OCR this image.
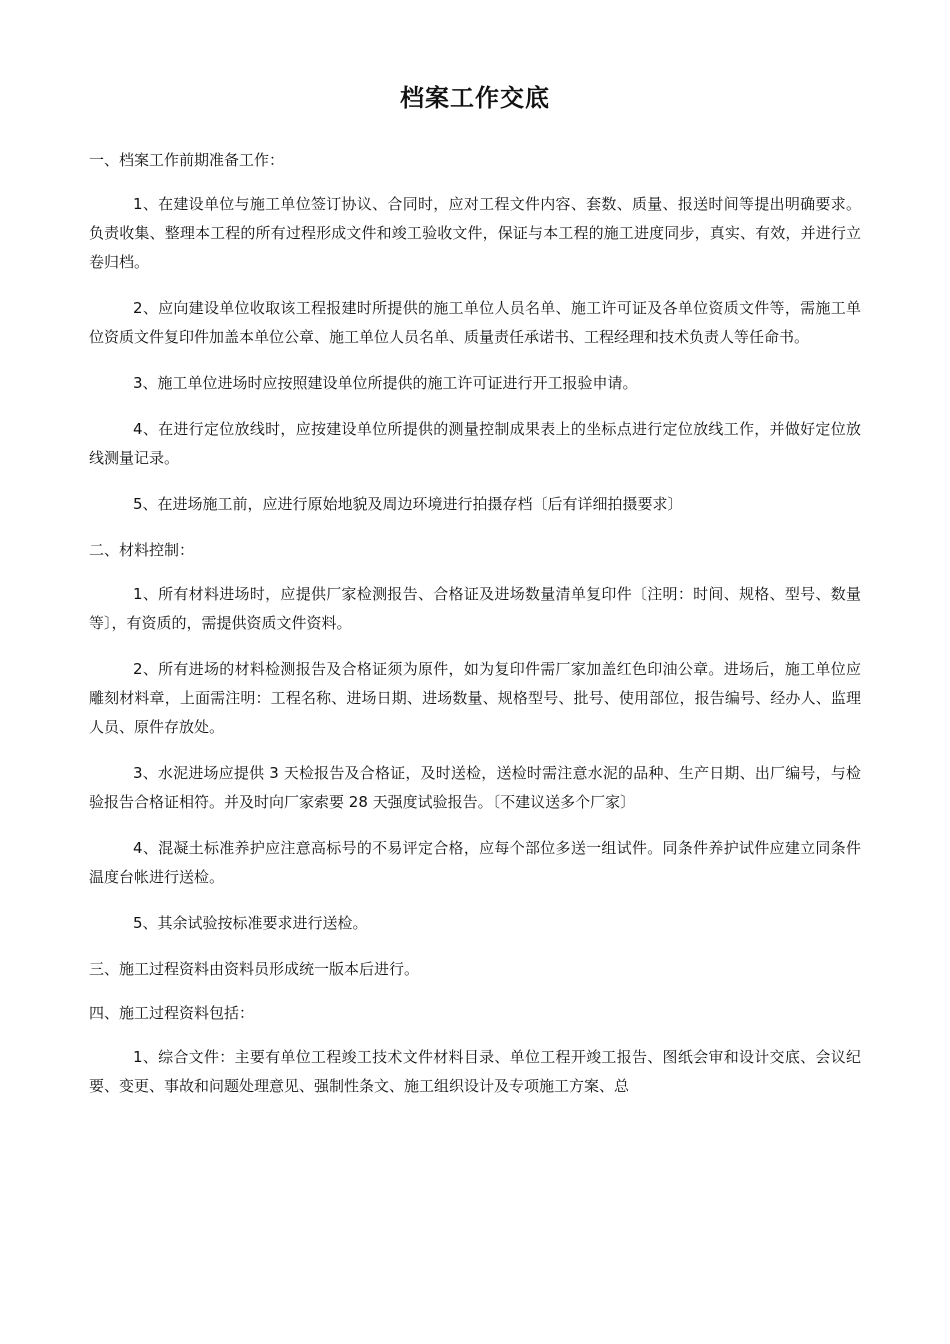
档案工作交底

一、档案工作前期准备工作：

1、在建设单位与施工单位签订协议、合同时，应对工程文件内容、套数、质量、报送时间等提出明确要求。负责收集、整理本工程的所有过程形成文件和竣工验收文件，保证与本工程的施工进度同步，真实、有效，并进行立卷归档。

2、应向建设单位收取该工程报建时所提供的施工单位人员名单、施工许可证及各单位资质文件等，需施工单位资质文件复印件加盖本单位公章、施工单位人员名单、质量责任承诺书、工程经理和技术负责人等任命书。

3、施工单位进场时应按照建设单位所提供的施工许可证进行开工报验申请。

4、在进行定位放线时，应按建设单位所提供的测量控制成果表上的坐标点进行定位放线工作，并做好定位放线测量记录。

5、在进场施工前，应进行原始地貌及周边环境进行拍摄存档〔后有详细拍摄要求〕

二、材料控制：

1、所有材料进场时，应提供厂家检测报告、合格证及进场数量清单复印件〔注明：时间、规格、型号、数量等〕，有资质的，需提供资质文件资料。

2、所有进场的材料检测报告及合格证须为原件，如为复印件需厂家加盖红色印油公章。进场后，施工单位应雕刻材料章，上面需注明：工程名称、进场日期、进场数量、规格型号、批号、使用部位，报告编号、经办人、监理人员、原件存放处。

3、水泥进场应提供 3 天检报告及合格证，及时送检，送检时需注意水泥的品种、生产日期、出厂编号，与检验报告合格证相符。并及时向厂家索要 28 天强度试验报告。〔不建议送多个厂家〕

4、混凝土标准养护应注意高标号的不易评定合格，应每个部位多送一组试件。同条件养护试件应建立同条件温度台帐进行送检。

5、其余试验按标准要求进行送检。

三、施工过程资料由资料员形成统一版本后进行。

四、施工过程资料包括：

1、综合文件：主要有单位工程竣工技术文件材料目录、单位工程开竣工报告、图纸会审和设计交底、会议纪要、变更、事故和问题处理意见、强制性条文、施工组织设计及专项施工方案、总
